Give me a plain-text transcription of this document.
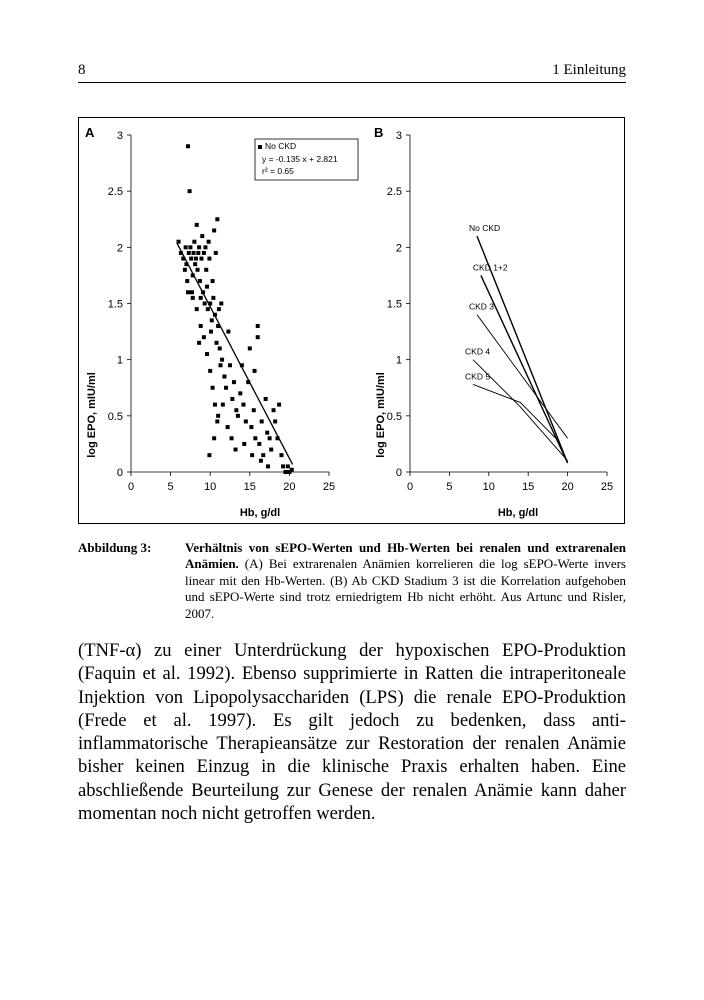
8	1 Einleitung
A
log EPO, mIU/ml
Hb, g/dl
No CKD
y = -0.135 x + 2.821
r² = 0.65
B
log EPO, mIU/ml
Hb, g/dl
0
0.5
1
1.5
2
2.5
3
0	5	10 15 20 25
0
0.5
1
1.5
2
2.5
3
0	5	10 15 20 25
No CKD
CKD 1+2
CKD 3
CKD 4
CKD 5
Abbildung 3:	Verhältnis von sEPO-Werten und Hb-Werten bei renalen und extrarenalen Anämien. (A) Bei extrarenalen Anämien korrelieren die log sEPO-Werte invers linear mit den Hb-Werten. (B) Ab CKD Stadium 3 ist die Korrelation aufgehoben und sEPO-Werte sind trotz erniedrigtem Hb nicht erhöht. Aus Artunc und Risler, 2007.
(TNF-α) zu einer Unterdrückung der hypoxischen EPO-Produktion (Faquin et al. 1992). Ebenso supprimierte in Ratten die intraperitoneale Injektion von Lipopolysacchariden (LPS) die renale EPO-Produktion (Frede et al. 1997). Es gilt jedoch zu bedenken, dass anti-inflammatorische Therapieansätze zur Restoration der renalen Anämie bisher keinen Einzug in die klinische Praxis erhalten haben. Eine abschließende Beurteilung zur Genese der renalen Anämie kann daher momentan noch nicht getroffen werden.
